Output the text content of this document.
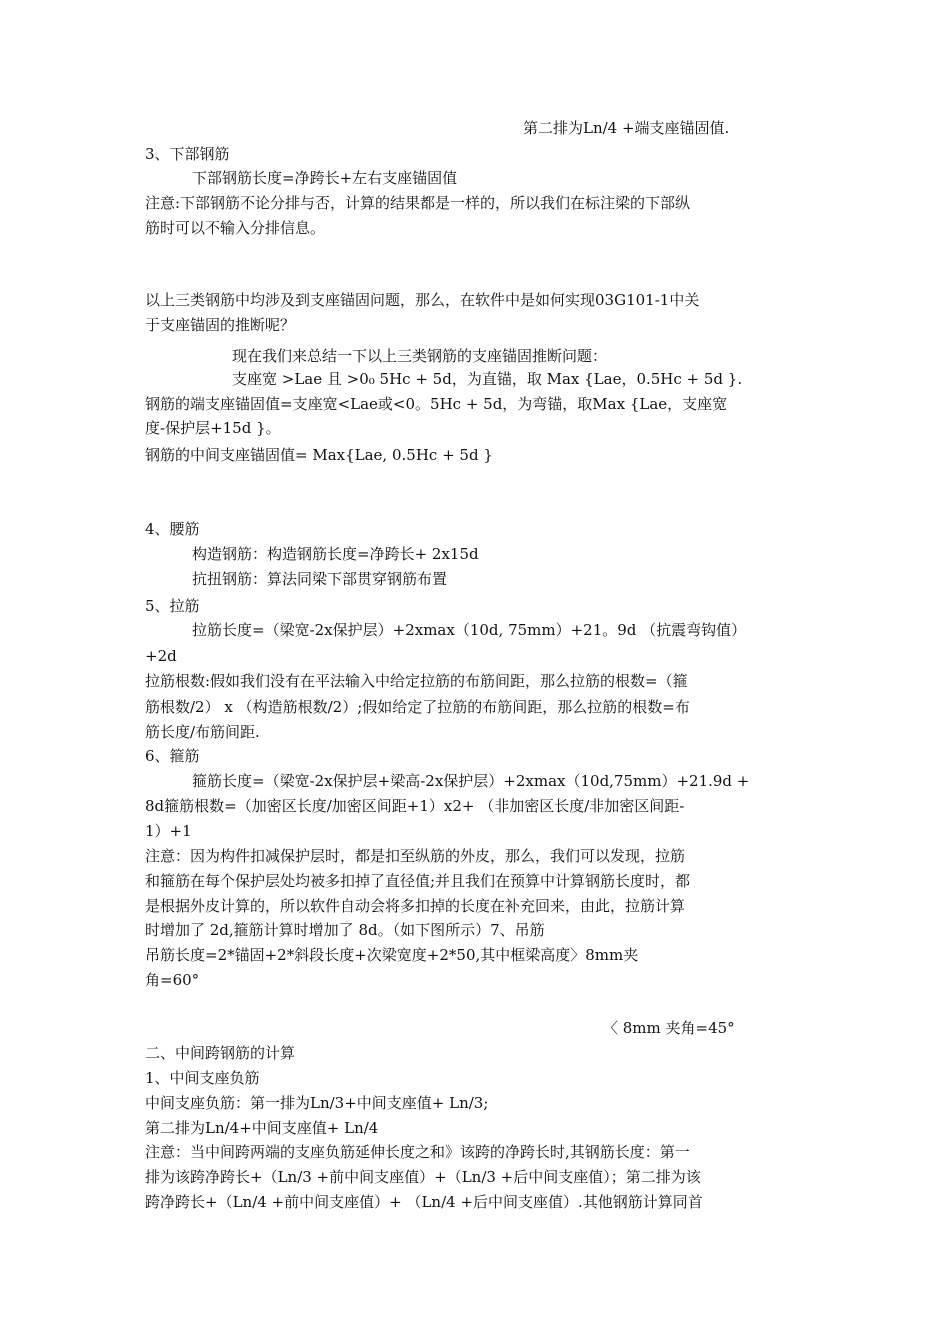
第二排为Ln/4 +端支座锚固值.
3、下部钢筋
下部钢筋长度=净跨长+左右支座锚固值
注意:下部钢筋不论分排与否，计算的结果都是一样的，所以我们在标注梁的下部纵
筋时可以不输入分排信息。
以上三类钢筋中均涉及到支座锚固问题，那么，在软件中是如何实现03G101-1中关
于支座锚固的推断呢？
现在我们来总结一下以上三类钢筋的支座锚固推断问题：
支座宽 >Lae 且 >0₀ 5Hc + 5d，为直锚，取 Max {Lae，0.5Hc + 5d }.
钢筋的端支座锚固值=支座宽<Lae或<0。5Hc + 5d，为弯锚，取Max {Lae，支座宽
度-保护层+15d }。
钢筋的中间支座锚固值= Max{Lae, 0.5Hc + 5d }
4、腰筋
构造钢筋：构造钢筋长度=净跨长+ 2x15d
抗扭钢筋：算法同梁下部贯穿钢筋布置
5、拉筋
拉筋长度=（梁宽-2x保护层）+2xmax（10d, 75mm）+21。9d （抗震弯钩值）
+2d
拉筋根数:假如我们没有在平法输入中给定拉筋的布筋间距，那么拉筋的根数=（箍
筋根数/2） x （构造筋根数/2）;假如给定了拉筋的布筋间距，那么拉筋的根数=布
筋长度/布筋间距.
6、箍筋
箍筋长度=（梁宽-2x保护层+梁高-2x保护层）+2xmax（10d,75mm）+21.9d +
8d箍筋根数=（加密区长度/加密区间距+1）x2+ （非加密区长度/非加密区间距-
1）+1
注意：因为构件扣减保护层时，都是扣至纵筋的外皮，那么，我们可以发现，拉筋
和箍筋在每个保护层处均被多扣掉了直径值;并且我们在预算中计算钢筋长度时，都
是根据外皮计算的，所以软件自动会将多扣掉的长度在补充回来，由此，拉筋计算
时增加了 2d,箍筋计算时增加了 8d。（如下图所示）7、吊筋
吊筋长度=2*锚固+2*斜段长度+次梁宽度+2*50,其中框梁高度〉8mm夹
角=60°
〈 8mm 夹角=45°
二、中间跨钢筋的计算
1、中间支座负筋
中间支座负筋：第一排为Ln/3+中间支座值+ Ln/3;
第二排为Ln/4+中间支座值+ Ln/4
注意：当中间跨两端的支座负筋延伸长度之和》该跨的净跨长时,其钢筋长度：第一
排为该跨净跨长+（Ln/3 +前中间支座值）+（Ln/3 +后中间支座值）；第二排为该
跨净跨长+（Ln/4 +前中间支座值）+ （Ln/4 +后中间支座值）.其他钢筋计算同首
